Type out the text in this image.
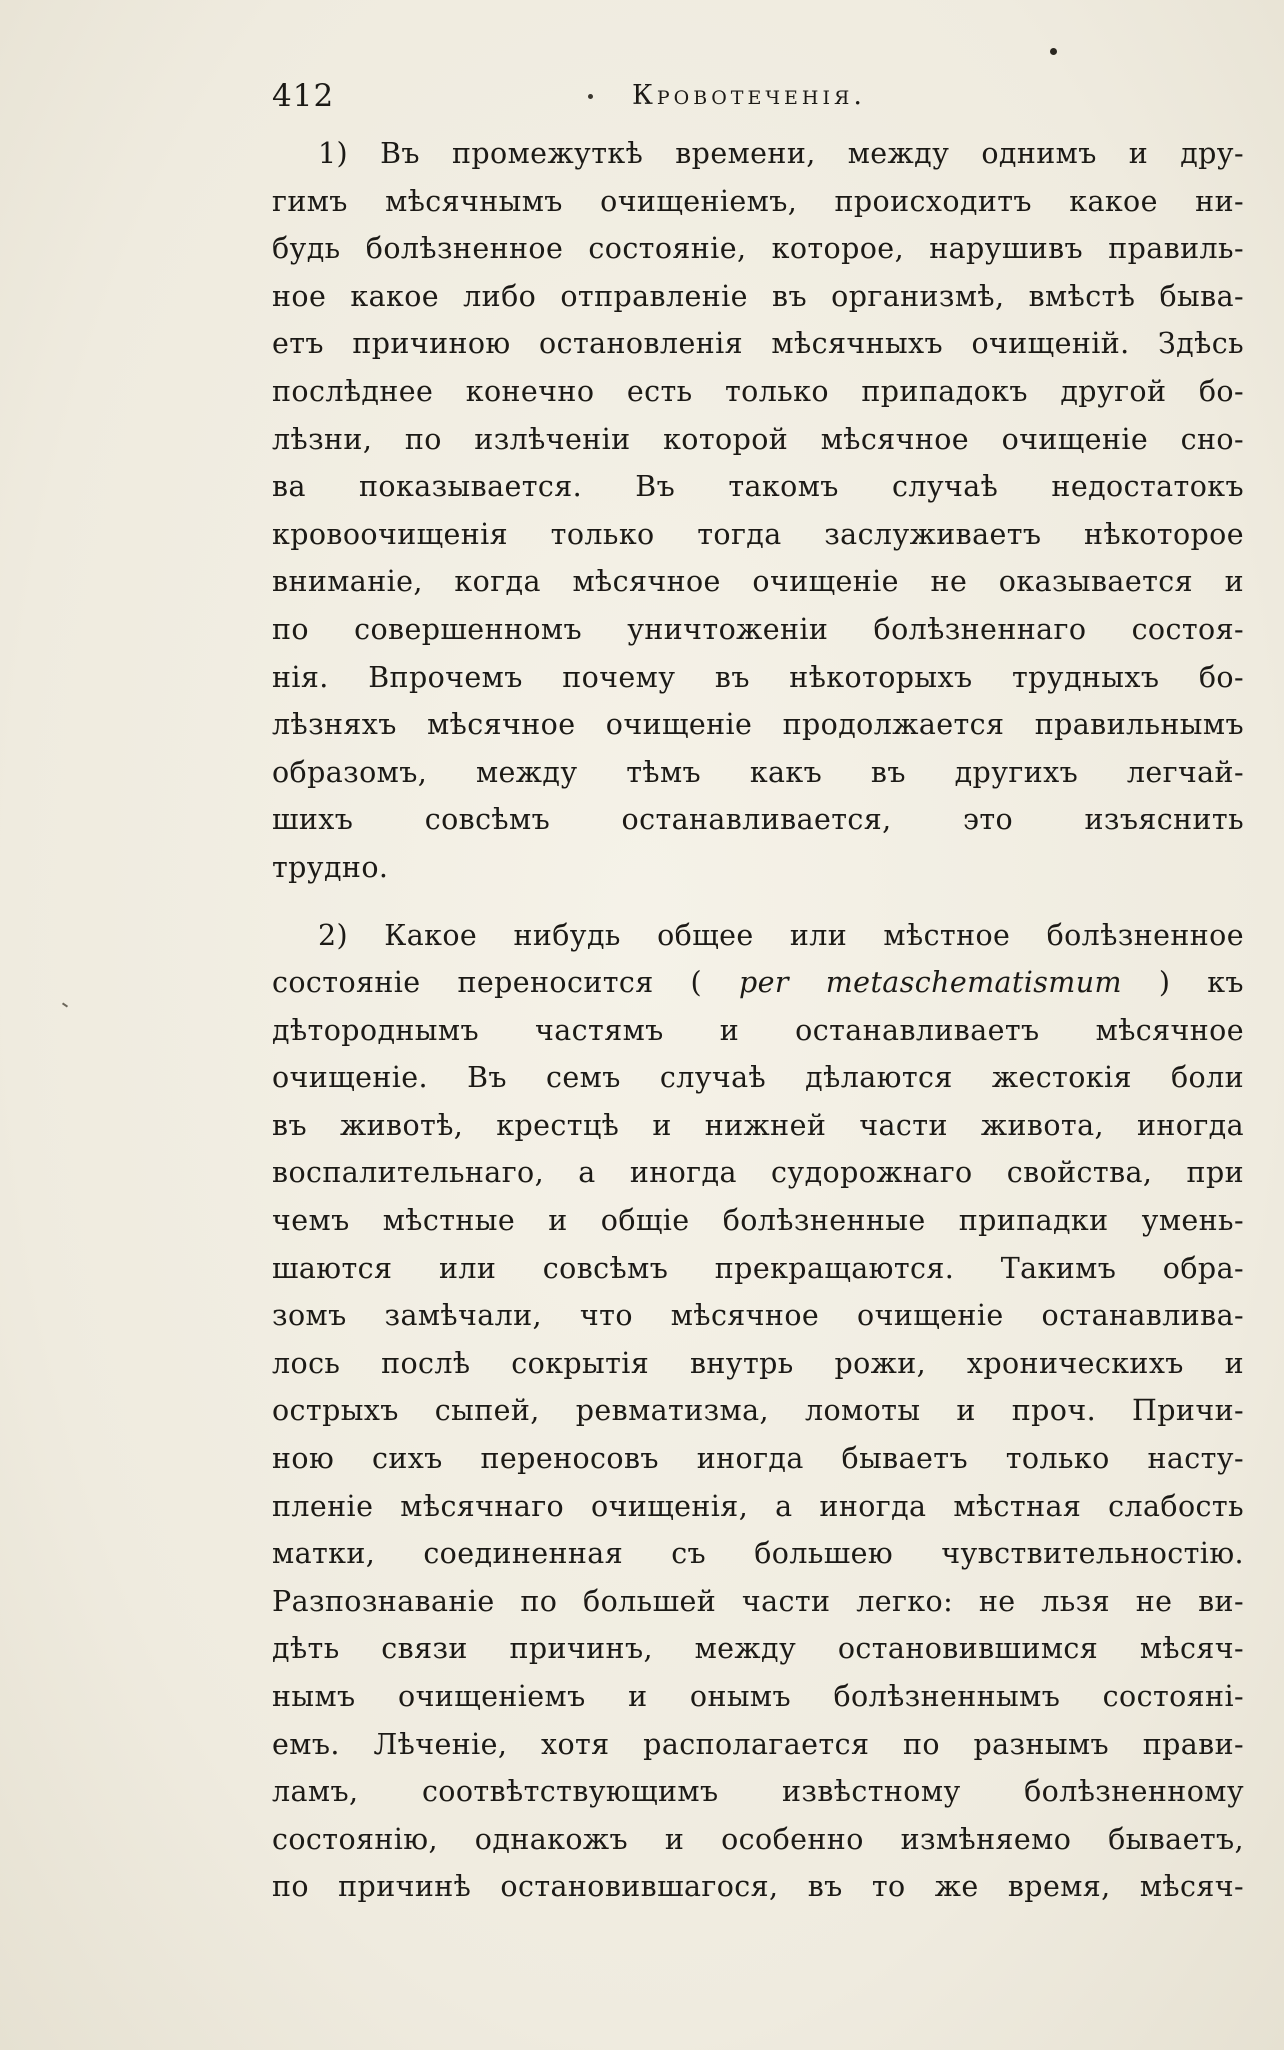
412	Кровотеченія.

1) Въ промежуткѣ времени, между однимъ и дру-
гимъ мѣсячнымъ очищеніемъ, происходитъ какое ни-
будь болѣзненное состояніе, которое, нарушивъ правиль-
ное какое либо отправленіе въ организмѣ, вмѣстѣ быва-
етъ причиною остановленія мѣсячныхъ очищеній. Здѣсь
послѣднее конечно есть только припадокъ другой бо-
лѣзни, по излѣченіи которой мѣсячное очищеніе сно-
ва показывается. Въ такомъ случаѣ недостатокъ
кровоочищенія только тогда заслуживаетъ нѣкоторое
вниманіе, когда мѣсячное очищеніе не оказывается и
по совершенномъ уничтоженіи болѣзненнаго состоя-
нія. Впрочемъ почему въ нѣкоторыхъ трудныхъ бо-
лѣзняхъ мѣсячное очищеніе продолжается правильнымъ
образомъ, между тѣмъ какъ въ другихъ легчай-
шихъ совсѣмъ останавливается, это изъяснить
трудно.

2) Какое нибудь общее или мѣстное болѣзненное
состояніе переносится ( per metaschematismum ) къ
дѣтороднымъ частямъ и останавливаетъ мѣсячное
очищеніе. Въ семъ случаѣ дѣлаются жестокія боли
въ животѣ, крестцѣ и нижней части живота, иногда
воспалительнаго, а иногда судорожнаго свойства, при
чемъ мѣстные и общіе болѣзненные припадки умень-
шаются или совсѣмъ прекращаются. Такимъ обра-
зомъ замѣчали, что мѣсячное очищеніе останавлива-
лось послѣ сокрытія внутрь рожи, хроническихъ и
острыхъ сыпей, ревматизма, ломоты и проч. Причи-
ною сихъ переносовъ иногда бываетъ только насту-
пленіе мѣсячнаго очищенія, а иногда мѣстная слабость
матки, соединенная съ большею чувствительностію.
Разпознаваніе по большей части легко: не льзя не ви-
дѣть связи причинъ, между остановившимся мѣсяч-
нымъ очищеніемъ и онымъ болѣзненнымъ состояні-
емъ. Лѣченіе, хотя располагается по разнымъ прави-
ламъ, соотвѣтствующимъ извѣстному болѣзненному
состоянію, однакожъ и особенно измѣняемо бываетъ,
по причинѣ остановившагося, въ то же время, мѣсяч-
